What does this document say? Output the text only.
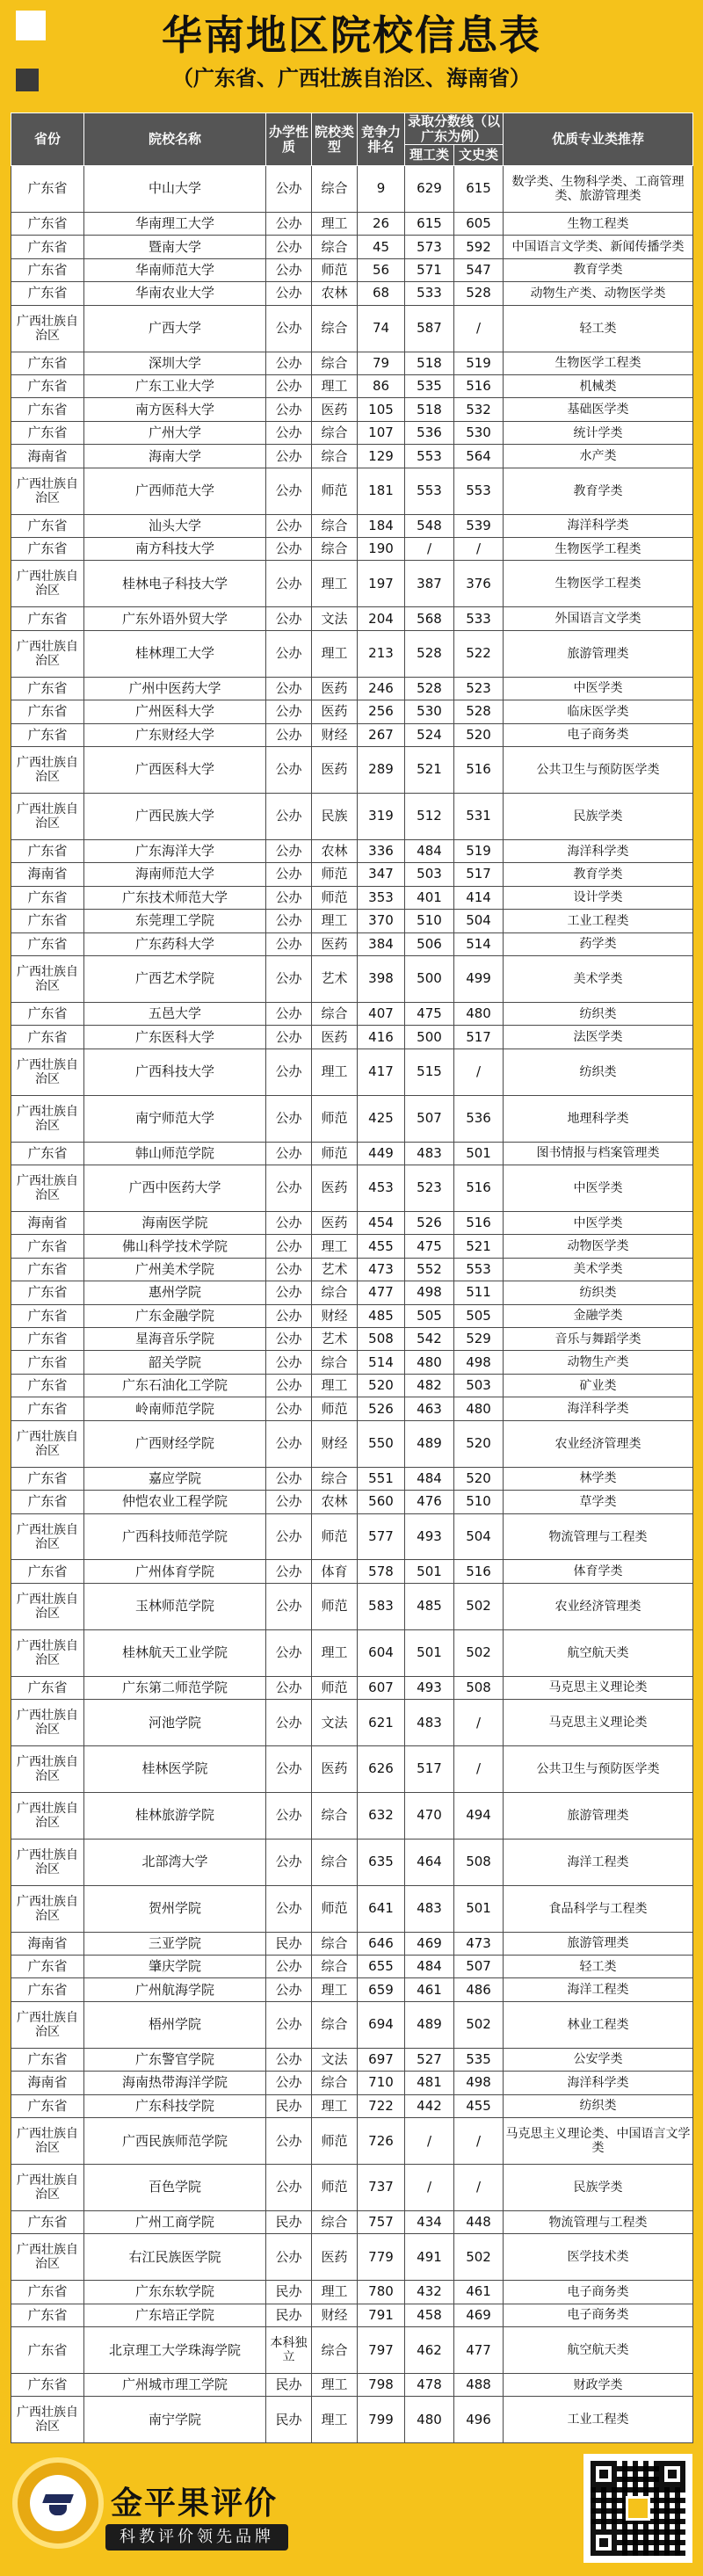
华南地区院校信息表
（广东省、广西壮族自治区、海南省）
省份	院校名称	办学性质	院校类型	竞争力排名	录取分数线（以广东为例）		优质专业类推荐
					理工类	文史类	
广东省	中山大学	公办	综合	9	629	615	数学类、生物科学类、工商管理类、旅游管理类
广东省	华南理工大学	公办	理工	26	615	605	生物工程类
广东省	暨南大学	公办	综合	45	573	592	中国语言文学类、新闻传播学类
广东省	华南师范大学	公办	师范	56	571	547	教育学类
广东省	华南农业大学	公办	农林	68	533	528	动物生产类、动物医学类
广西壮族自治区	广西大学	公办	综合	74	587	/	轻工类
广东省	深圳大学	公办	综合	79	518	519	生物医学工程类
广东省	广东工业大学	公办	理工	86	535	516	机械类
广东省	南方医科大学	公办	医药	105	518	532	基础医学类
广东省	广州大学	公办	综合	107	536	530	统计学类
海南省	海南大学	公办	综合	129	553	564	水产类
广西壮族自治区	广西师范大学	公办	师范	181	553	553	教育学类
广东省	汕头大学	公办	综合	184	548	539	海洋科学类
广东省	南方科技大学	公办	综合	190	/	/	生物医学工程类
广西壮族自治区	桂林电子科技大学	公办	理工	197	387	376	生物医学工程类
广东省	广东外语外贸大学	公办	文法	204	568	533	外国语言文学类
广西壮族自治区	桂林理工大学	公办	理工	213	528	522	旅游管理类
广东省	广州中医药大学	公办	医药	246	528	523	中医学类
广东省	广州医科大学	公办	医药	256	530	528	临床医学类
广东省	广东财经大学	公办	财经	267	524	520	电子商务类
广西壮族自治区	广西医科大学	公办	医药	289	521	516	公共卫生与预防医学类
广西壮族自治区	广西民族大学	公办	民族	319	512	531	民族学类
广东省	广东海洋大学	公办	农林	336	484	519	海洋科学类
海南省	海南师范大学	公办	师范	347	503	517	教育学类
广东省	广东技术师范大学	公办	师范	353	401	414	设计学类
广东省	东莞理工学院	公办	理工	370	510	504	工业工程类
广东省	广东药科大学	公办	医药	384	506	514	药学类
广西壮族自治区	广西艺术学院	公办	艺术	398	500	499	美术学类
广东省	五邑大学	公办	综合	407	475	480	纺织类
广东省	广东医科大学	公办	医药	416	500	517	法医学类
广西壮族自治区	广西科技大学	公办	理工	417	515	/	纺织类
广西壮族自治区	南宁师范大学	公办	师范	425	507	536	地理科学类
广东省	韩山师范学院	公办	师范	449	483	501	图书情报与档案管理类
广西壮族自治区	广西中医药大学	公办	医药	453	523	516	中医学类
海南省	海南医学院	公办	医药	454	526	516	中医学类
广东省	佛山科学技术学院	公办	理工	455	475	521	动物医学类
广东省	广州美术学院	公办	艺术	473	552	553	美术学类
广东省	惠州学院	公办	综合	477	498	511	纺织类
广东省	广东金融学院	公办	财经	485	505	505	金融学类
广东省	星海音乐学院	公办	艺术	508	542	529	音乐与舞蹈学类
广东省	韶关学院	公办	综合	514	480	498	动物生产类
广东省	广东石油化工学院	公办	理工	520	482	503	矿业类
广东省	岭南师范学院	公办	师范	526	463	480	海洋科学类
广西壮族自治区	广西财经学院	公办	财经	550	489	520	农业经济管理类
广东省	嘉应学院	公办	综合	551	484	520	林学类
广东省	仲恺农业工程学院	公办	农林	560	476	510	草学类
广西壮族自治区	广西科技师范学院	公办	师范	577	493	504	物流管理与工程类
广东省	广州体育学院	公办	体育	578	501	516	体育学类
广西壮族自治区	玉林师范学院	公办	师范	583	485	502	农业经济管理类
广西壮族自治区	桂林航天工业学院	公办	理工	604	501	502	航空航天类
广东省	广东第二师范学院	公办	师范	607	493	508	马克思主义理论类
广西壮族自治区	河池学院	公办	文法	621	483	/	马克思主义理论类
广西壮族自治区	桂林医学院	公办	医药	626	517	/	公共卫生与预防医学类
广西壮族自治区	桂林旅游学院	公办	综合	632	470	494	旅游管理类
广西壮族自治区	北部湾大学	公办	综合	635	464	508	海洋工程类
广西壮族自治区	贺州学院	公办	师范	641	483	501	食品科学与工程类
海南省	三亚学院	民办	综合	646	469	473	旅游管理类
广东省	肇庆学院	公办	综合	655	484	507	轻工类
广东省	广州航海学院	公办	理工	659	461	486	海洋工程类
广西壮族自治区	梧州学院	公办	综合	694	489	502	林业工程类
广东省	广东警官学院	公办	文法	697	527	535	公安学类
海南省	海南热带海洋学院	公办	综合	710	481	498	海洋科学类
广东省	广东科技学院	民办	理工	722	442	455	纺织类
广西壮族自治区	广西民族师范学院	公办	师范	726	/	/	马克思主义理论类、中国语言文学类
广西壮族自治区	百色学院	公办	师范	737	/	/	民族学类
广东省	广州工商学院	民办	综合	757	434	448	物流管理与工程类
广西壮族自治区	右江民族医学院	公办	医药	779	491	502	医学技术类
广东省	广东东软学院	民办	理工	780	432	461	电子商务类
广东省	广东培正学院	民办	财经	791	458	469	电子商务类
广东省	北京理工大学珠海学院	本科独立	综合	797	462	477	航空航天类
广东省	广州城市理工学院	民办	理工	798	478	488	财政学类
广西壮族自治区	南宁学院	民办	理工	799	480	496	工业工程类
金平果评价
科教评价领先品牌
